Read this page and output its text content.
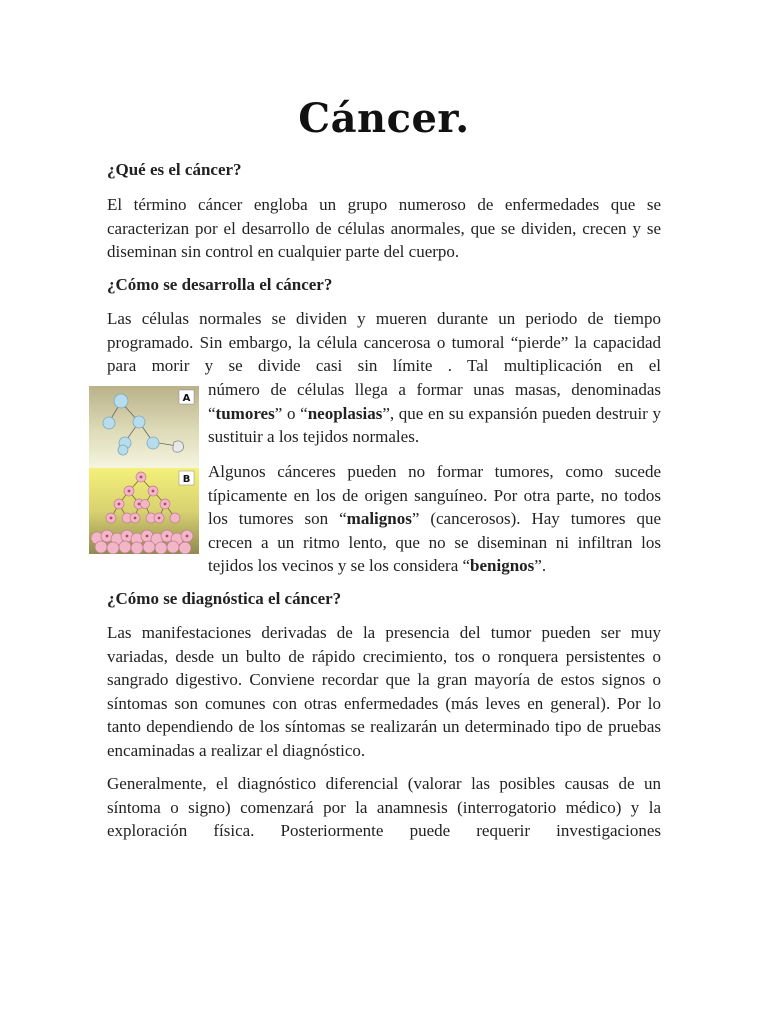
Cáncer.
¿Qué es el cáncer?

El término cáncer engloba un grupo numeroso de enfermedades que se caracterizan por el desarrollo de células anormales, que se dividen, crecen y se diseminan sin control en cualquier parte del cuerpo.

¿Cómo se desarrolla el cáncer?

Las células normales se dividen y mueren durante un periodo de tiempo programado. Sin embargo, la célula cancerosa o tumoral “pierde” la capacidad para morir y se divide casi sin límite . Tal multiplicación en el

A
B

número de células llega a formar unas masas, denominadas “tumores” o “neoplasias”, que en su expansión pueden destruir y sustituir a los tejidos normales.

Algunos cánceres pueden no formar tumores, como sucede típicamente en los de origen sanguíneo. Por otra parte, no todos los tumores son “malignos” (cancerosos). Hay tumores que crecen a un ritmo lento, que no se diseminan ni infiltran los tejidos los vecinos y se los considera “benignos”.

¿Cómo se diagnóstica el cáncer?

Las manifestaciones derivadas de la presencia del tumor pueden ser muy variadas, desde un bulto de rápido crecimiento, tos o ronquera persistentes o sangrado digestivo. Conviene recordar que la gran mayoría de estos signos o síntomas son comunes con otras enfermedades (más leves en general). Por lo tanto dependiendo de los síntomas se realizarán un determinado tipo de pruebas encaminadas a realizar el diagnóstico.

Generalmente, el diagnóstico diferencial (valorar las posibles causas de un síntoma o signo) comenzará por la anamnesis (interrogatorio médico) y la exploración física. Posteriormente puede requerir investigaciones
